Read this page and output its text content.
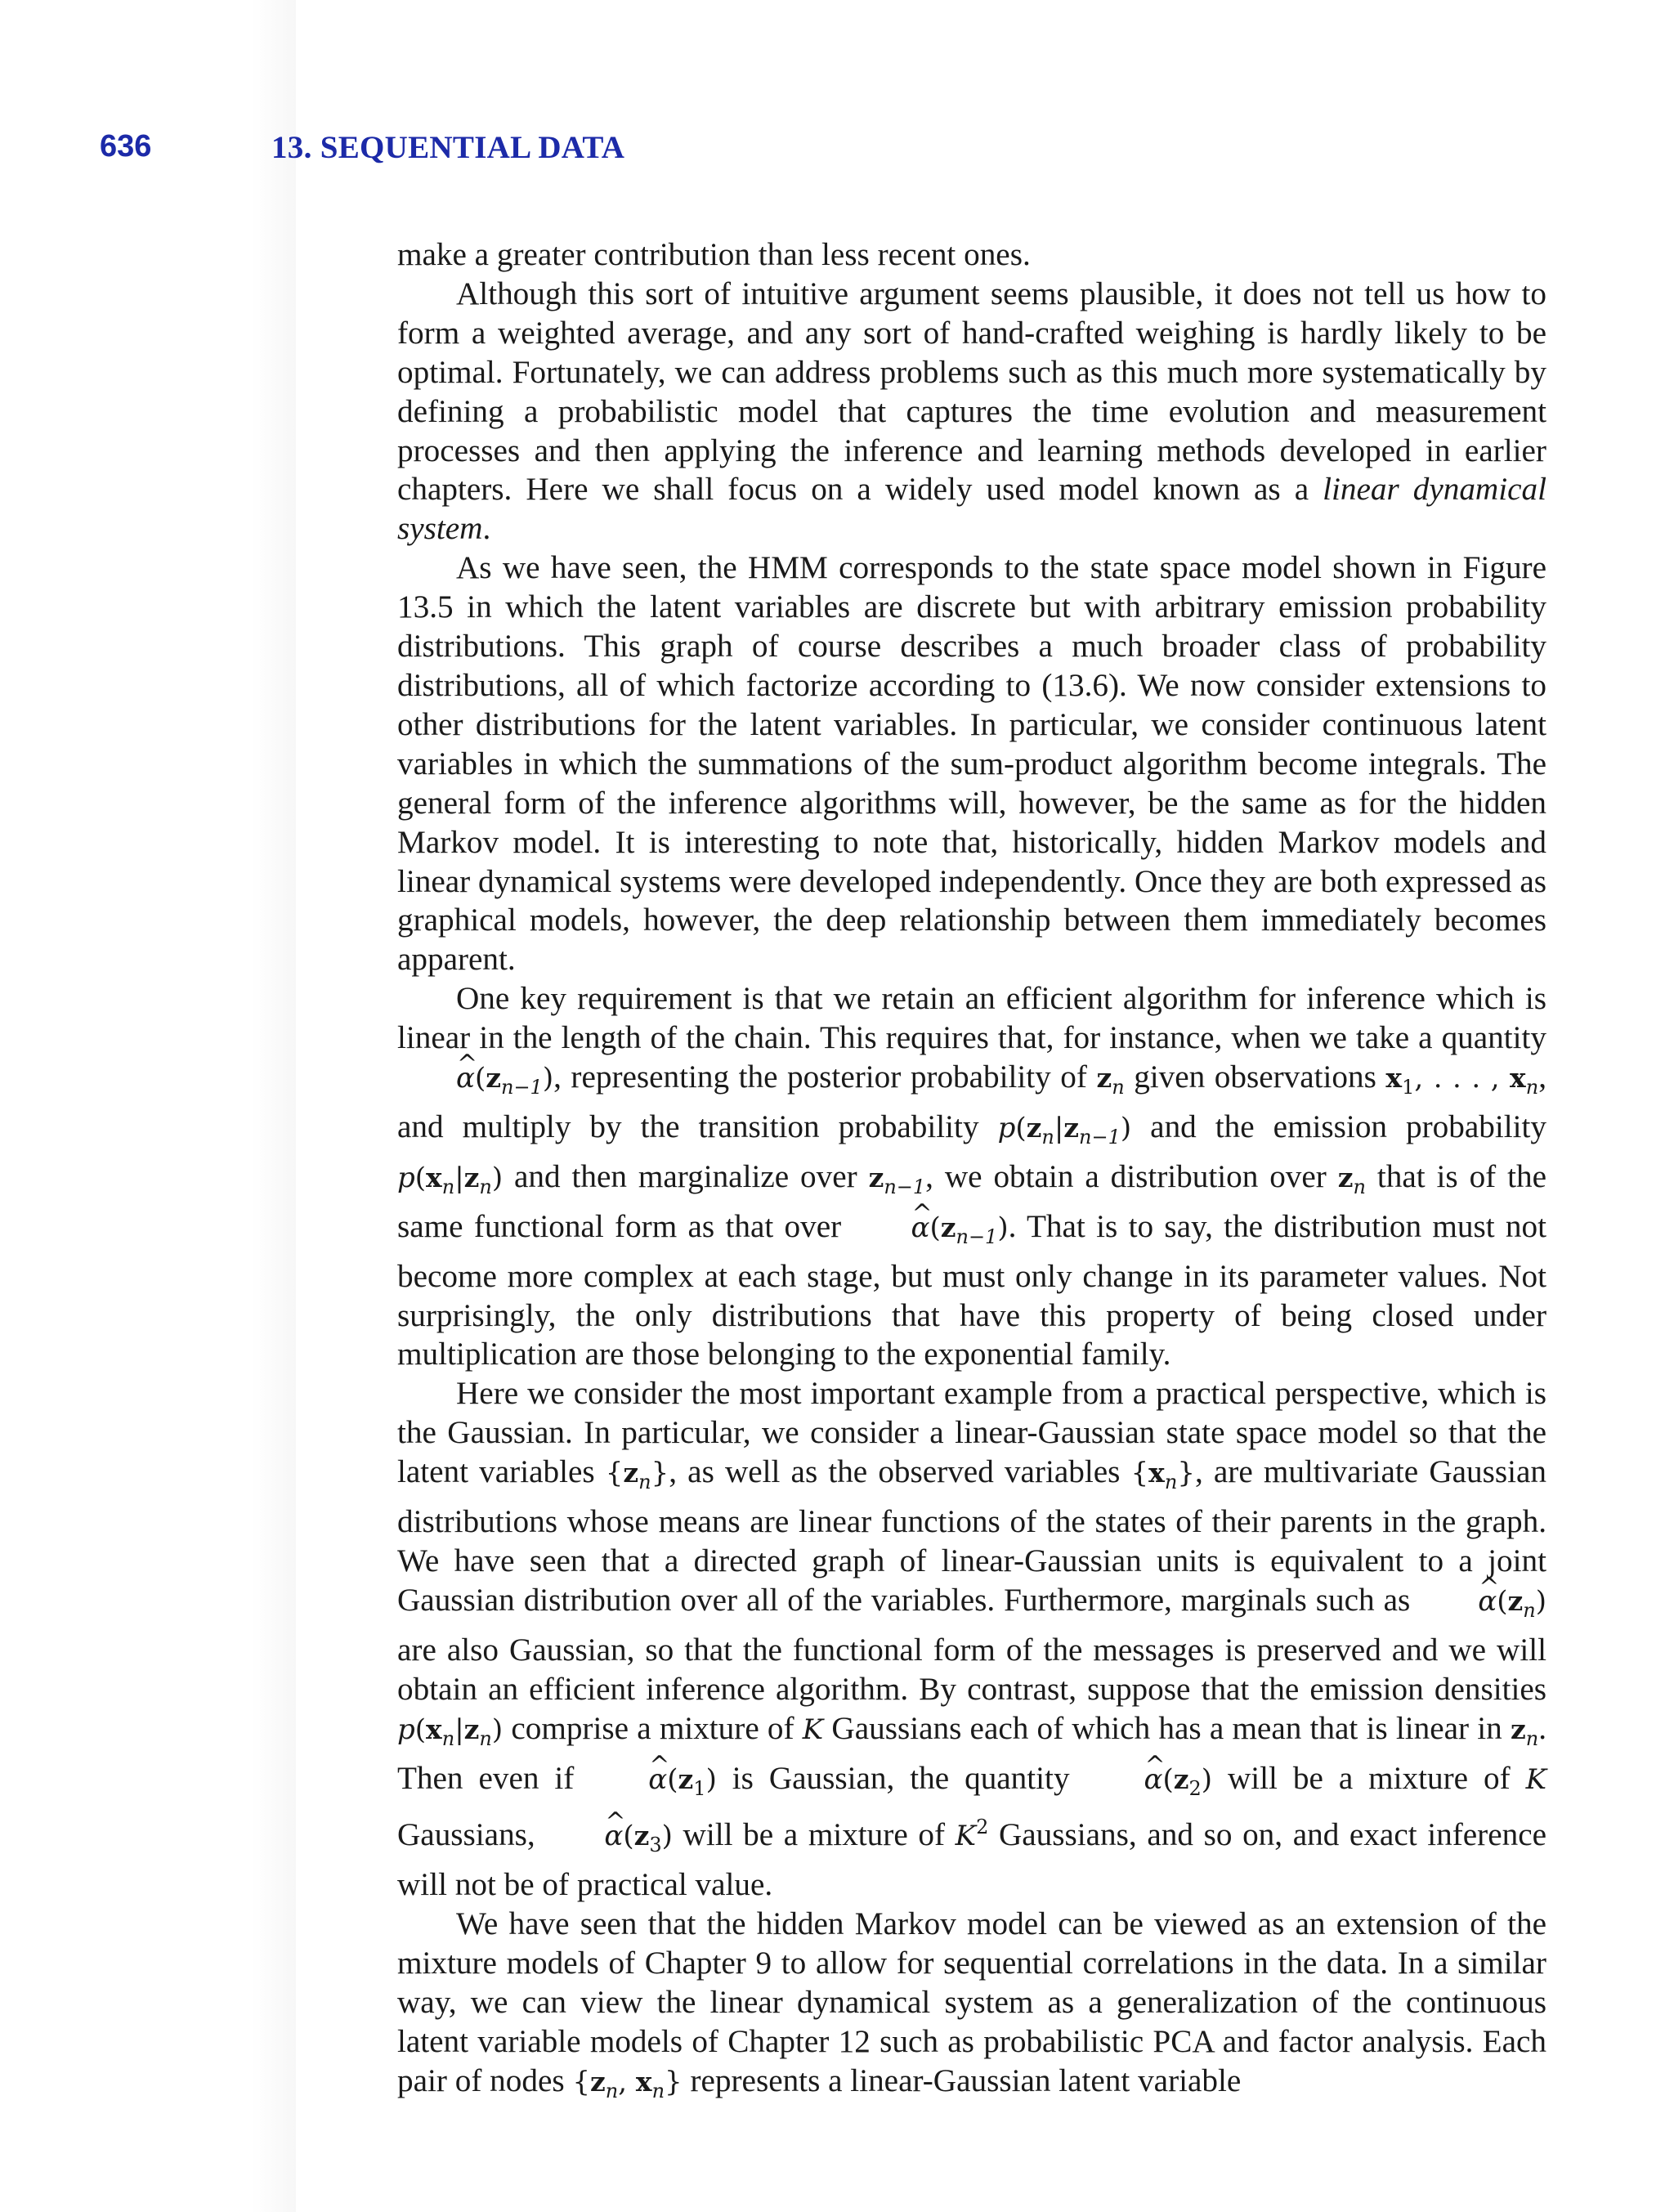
636	13. SEQUENTIAL DATA

make a greater contribution than less recent ones.

Although this sort of intuitive argument seems plausible, it does not tell us how to form a weighted average, and any sort of hand-crafted weighing is hardly likely to be optimal. Fortunately, we can address problems such as this much more systematically by defining a probabilistic model that captures the time evolution and measurement processes and then applying the inference and learning methods developed in earlier chapters. Here we shall focus on a widely used model known as a linear dynamical system.

As we have seen, the HMM corresponds to the state space model shown in Figure 13.5 in which the latent variables are discrete but with arbitrary emission probability distributions. This graph of course describes a much broader class of probability distributions, all of which factorize according to (13.6). We now consider extensions to other distributions for the latent variables. In particular, we consider continuous latent variables in which the summations of the sum-product algorithm become integrals. The general form of the inference algorithms will, however, be the same as for the hidden Markov model. It is interesting to note that, historically, hidden Markov models and linear dynamical systems were developed independently. Once they are both expressed as graphical models, however, the deep relationship between them immediately becomes apparent.

One key requirement is that we retain an efficient algorithm for inference which is linear in the length of the chain. This requires that, for instance, when we take a quantity ^ $\alpha(z_{n-1})$, representing the posterior probability of $z_n$ given observations $x_1$, . . . , $x_n$, and multiply by the transition probability $p(z_n|z_{n-1})$ and the emission probability $p(x_n|z_n)$ and then marginalize over $z_{n-1}$, we obtain a distribution over $z_n$ that is of the same functional form as that over ^ $\alpha(z_{n-1})$. That is to say, the distribution must not become more complex at each stage, but must only change in its parameter values. Not surprisingly, the only distributions that have this property of being closed under multiplication are those belonging to the exponential family.

Here we consider the most important example from a practical perspective, which is the Gaussian. In particular, we consider a linear-Gaussian state space model so that the latent variables $\{z_n\}$, as well as the observed variables $\{x_n\}$, are multivariate Gaussian distributions whose means are linear functions of the states of their parents in the graph. We have seen that a directed graph of linear-Gaussian units is equivalent to a joint Gaussian distribution over all of the variables. Furthermore, marginals such as ^ $\alpha(z_n)$ are also Gaussian, so that the functional form of the messages is preserved and we will obtain an efficient inference algorithm. By contrast, suppose that the emission densities $p(x_n|z_n)$ comprise a mixture of K Gaussians each of which has a mean that is linear in $z_n$. Then even if ^ $\alpha(z_1)$ is Gaussian, the quantity ^ $\alpha(z_2)$ will be a mixture of K Gaussians, ^ $\alpha(z_3)$ will be a mixture of $K^2$ Gaussians, and so on, and exact inference will not be of practical value.

We have seen that the hidden Markov model can be viewed as an extension of the mixture models of Chapter 9 to allow for sequential correlations in the data. In a similar way, we can view the linear dynamical system as a generalization of the continuous latent variable models of Chapter 12 such as probabilistic PCA and factor analysis. Each pair of nodes {$z_n$, $x_n$} represents a linear-Gaussian latent variable
